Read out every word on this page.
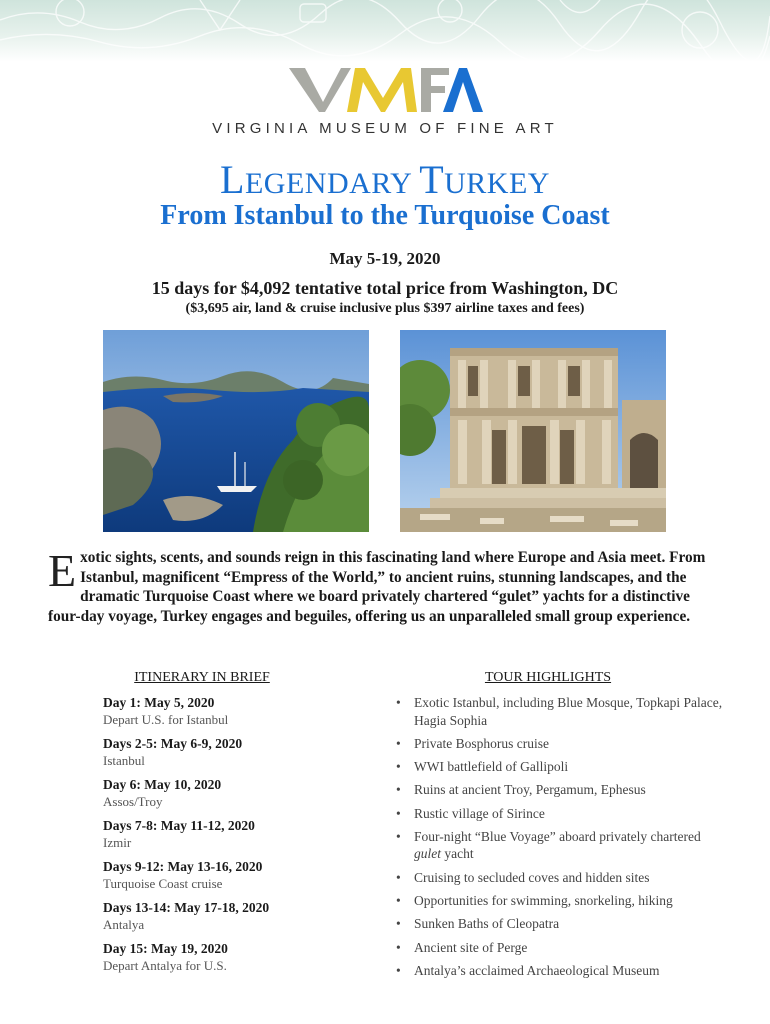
VIRGINIA MUSEUM OF FINE ART
LEGENDARY TURKEY
From Istanbul to the Turquoise Coast
May 5-19, 2020
15 days for $4,092 tentative total price from Washington, DC
($3,695 air, land & cruise inclusive plus $397 airline taxes and fees)
Exotic sights, scents, and sounds reign in this fascinating land where Europe and Asia meet. From Istanbul, magnificent “Empress of the World,” to ancient ruins, stunning landscapes, and the dramatic Turquoise Coast where we board privately chartered “gulet” yachts for a distinctive four-day voyage, Turkey engages and beguiles, offering us an unparalleled small group experience.
ITINERARY IN BRIEF	TOUR HIGHLIGHTS
Day 1: May 5, 2020
Depart U.S. for Istanbul
Days 2-5: May 6-9, 2020
Istanbul
Day 6: May 10, 2020
Assos/Troy
Days 7-8: May 11-12, 2020
Izmir
Days 9-12: May 13-16, 2020
Turquoise Coast cruise
Days 13-14: May 17-18, 2020
Antalya
Day 15: May 19, 2020
Depart Antalya for U.S.
• Exotic Istanbul, including Blue Mosque, Topkapi Palace, Hagia Sophia
• Private Bosphorus cruise
• WWI battlefield of Gallipoli
• Ruins at ancient Troy, Pergamum, Ephesus
• Rustic village of Sirince
• Four-night “Blue Voyage” aboard privately chartered
gulet yacht
• Cruising to secluded coves and hidden sites
• Opportunities for swimming, snorkeling, hiking
• Sunken Baths of Cleopatra
• Ancient site of Perge
• Antalya’s acclaimed Archaeological Museum
